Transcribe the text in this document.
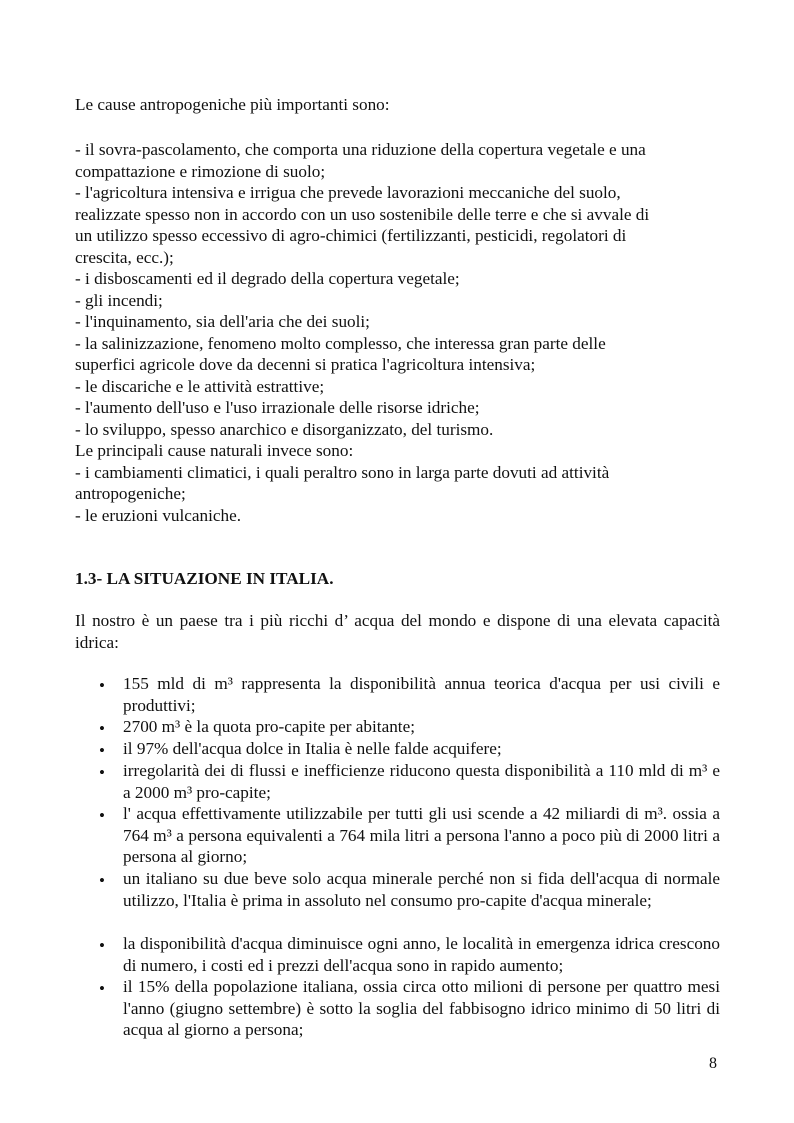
Le cause antropogeniche più importanti sono:
- il sovra-pascolamento, che comporta una riduzione della copertura vegetale e una
compattazione e rimozione di suolo;
- l'agricoltura intensiva e irrigua che prevede lavorazioni meccaniche del suolo,
realizzate spesso non in accordo con un uso sostenibile delle terre e che si avvale di
un utilizzo spesso eccessivo di agro-chimici (fertilizzanti, pesticidi, regolatori di
crescita, ecc.);
- i disboscamenti ed il degrado della copertura vegetale;
- gli incendi;
- l'inquinamento, sia dell'aria che dei suoli;
- la salinizzazione, fenomeno molto complesso, che interessa gran parte delle
superfici agricole dove da decenni si pratica l'agricoltura intensiva;
- le discariche e le attività estrattive;
- l'aumento dell'uso e l'uso irrazionale delle risorse idriche;
- lo sviluppo, spesso anarchico e disorganizzato, del turismo.
Le principali cause naturali invece sono:
- i cambiamenti climatici, i quali peraltro sono in larga parte dovuti ad attività
antropogeniche;
- le eruzioni vulcaniche.
1.3- LA SITUAZIONE IN ITALIA.
Il nostro è un paese tra i più ricchi d’ acqua del mondo e dispone di una elevata capacità idrica:
• 155 mld di m³ rappresenta la disponibilità annua teorica d'acqua per usi civili e produttivi;
• 2700 m³ è la quota pro-capite per abitante;
• il 97% dell'acqua dolce in Italia è nelle falde acquifere;
• irregolarità dei di flussi e inefficienze riducono questa disponibilità a 110 mld di m³ e a 2000 m³ pro-capite;
• l' acqua effettivamente utilizzabile per tutti gli usi scende a 42 miliardi di m³. ossia a 764 m³ a persona equivalenti a 764 mila litri a persona l'anno a poco più di 2000 litri a persona al giorno;
• un italiano su due beve solo acqua minerale perché non si fida dell'acqua di normale utilizzo, l'Italia è prima in assoluto nel consumo pro-capite d'acqua minerale;
• la disponibilità d'acqua diminuisce ogni anno, le località in emergenza idrica crescono di numero, i costi ed i prezzi dell'acqua sono in rapido aumento;
• il 15% della popolazione italiana, ossia circa otto milioni di persone per quattro mesi l'anno (giugno settembre) è sotto la soglia del fabbisogno idrico minimo di 50 litri di acqua al giorno a persona;
8
